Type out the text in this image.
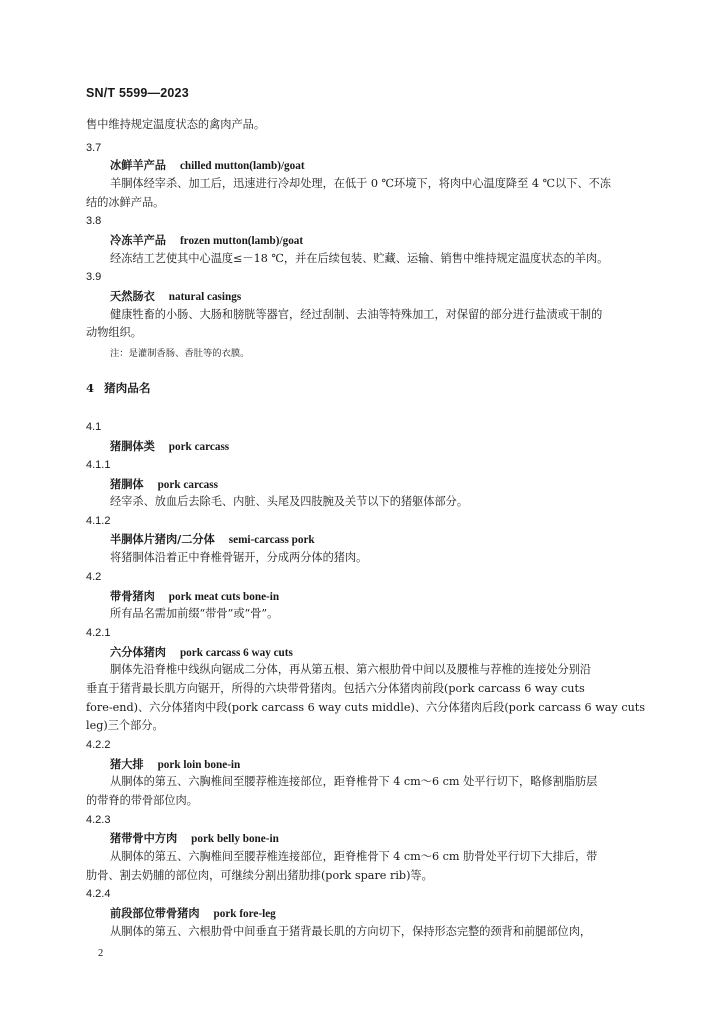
SN/T 5599—2023
售中维持规定温度状态的禽肉产品。
3.7
冰鲜羊产品 chilled mutton(lamb)/goat
羊胴体经宰杀、加工后，迅速进行冷却处理，在低于 0 ℃环境下，将肉中心温度降至 4 ℃以下、不冻
结的冰鲜产品。
3.8
冷冻羊产品 frozen mutton(lamb)/goat
经冻结工艺使其中心温度≤－18 ℃，并在后续包装、贮藏、运输、销售中维持规定温度状态的羊肉。
3.9
天然肠衣 natural casings
健康牲畜的小肠、大肠和膀胱等器官，经过刮制、去油等特殊加工，对保留的部分进行盐渍或干制的
动物组织。
注：是灌制香肠、香肚等的衣膜。
4 猪肉品名
4.1
猪胴体类 pork carcass
4.1.1
猪胴体 pork carcass
经宰杀、放血后去除毛、内脏、头尾及四肢腕及关节以下的猪躯体部分。
4.1.2
半胴体片猪肉/二分体 semi-carcass pork
将猪胴体沿着正中脊椎骨锯开，分成两分体的猪肉。
4.2
带骨猪肉 pork meat cuts bone-in
所有品名需加前缀“带骨”或“骨”。
4.2.1
六分体猪肉 pork carcass 6 way cuts
胴体先沿脊椎中线纵向锯成二分体，再从第五根、第六根肋骨中间以及腰椎与荐椎的连接处分别沿
垂直于猪背最长肌方向锯开，所得的六块带骨猪肉。包括六分体猪肉前段(pork carcass 6 way cuts
fore-end)、六分体猪肉中段(pork carcass 6 way cuts middle)、六分体猪肉后段(pork carcass 6 way cuts
leg)三个部分。
4.2.2
猪大排 pork loin bone-in
从胴体的第五、六胸椎间至腰荐椎连接部位，距脊椎骨下 4 cm～6 cm 处平行切下，略修割脂肪层
的带脊的带骨部位肉。
4.2.3
猪带骨中方肉 pork belly bone-in
从胴体的第五、六胸椎间至腰荐椎连接部位，距脊椎骨下 4 cm～6 cm 肋骨处平行切下大排后，带
肋骨、割去奶脯的部位肉，可继续分割出猪肋排(pork spare rib)等。
4.2.4
前段部位带骨猪肉 pork fore-leg
从胴体的第五、六根肋骨中间垂直于猪背最长肌的方向切下，保持形态完整的颈背和前腿部位肉，
2
